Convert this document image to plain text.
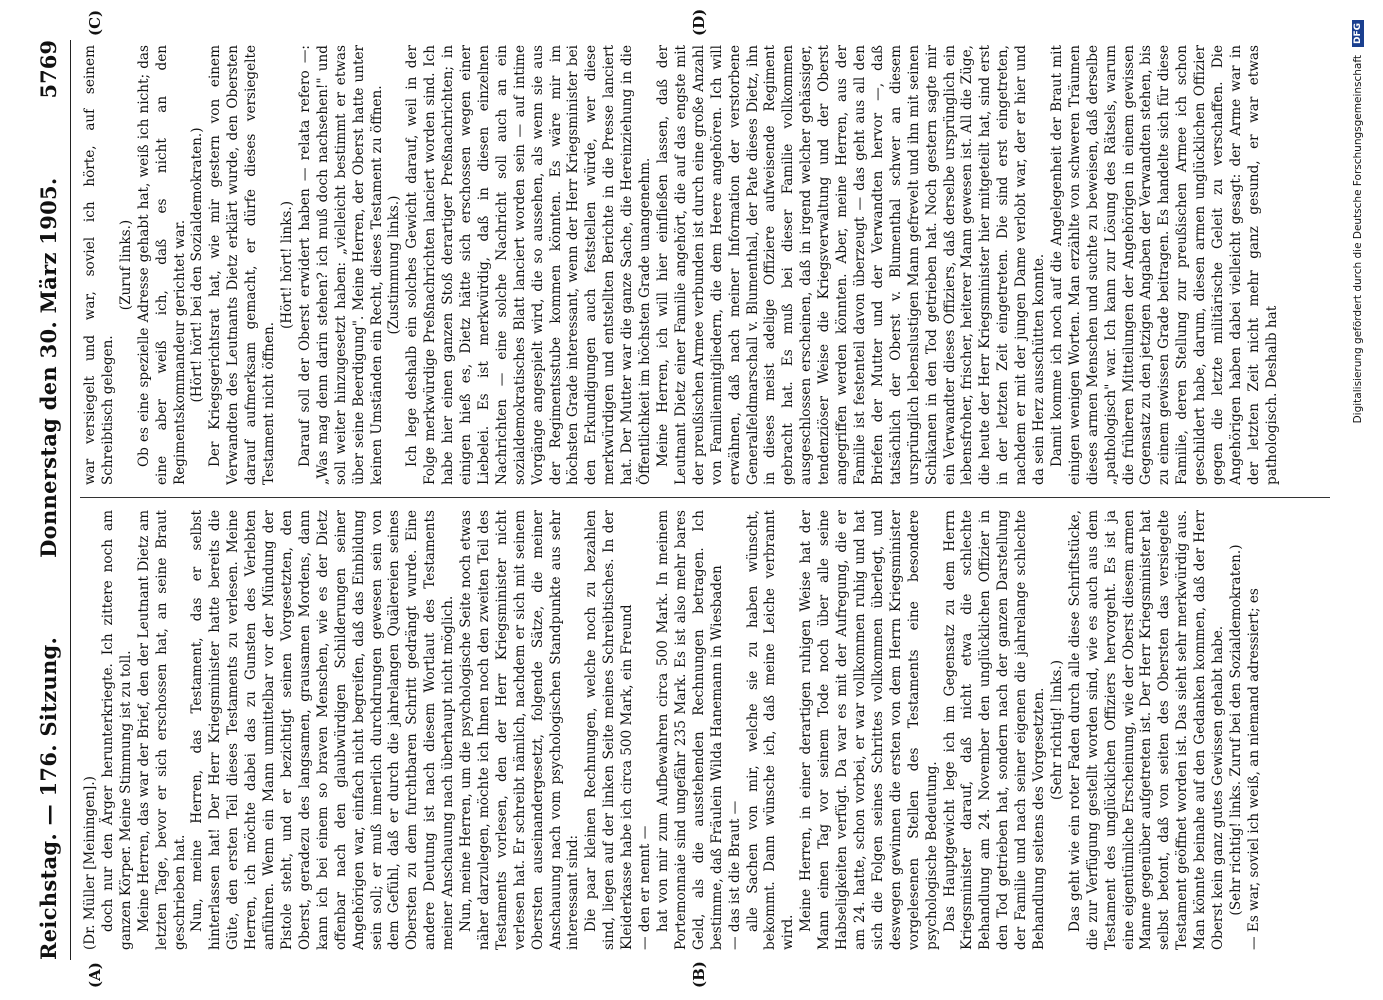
Reichstag. — 176. Sitzung.
Donnerstag den 30. März 1905.
5769
(A)	(B)
(C)	(D)

(Dr. Müller [Meiningen].) doch nur den Ärger herunterkriegte. Ich zittere noch am ganzen Körper. Meine Stimmung ist zu toll. Meine Herren, das war der Brief, den der Leutnant Dietz am letzten Tage, bevor er sich erschossen hat, an seine Braut geschrieben hat. Nun, meine Herren, das Testament, das er selbst hinterlassen hat! Der Herr Kriegsminister hatte bereits die Güte, den ersten Teil dieses Testaments zu verlesen. Meine Herren, ich möchte dabei das zu Gunsten des Verlebten anführen. Wenn ein Mann unmittelbar vor der Mündung der Pistole steht, und er bezichtigt seinen Vorgesetzten, den Oberst, geradezu des langsamen, grausamen Mordens, dann kann ich bei einem so braven Menschen, wie es der Dietz offenbar nach den glaubwürdigen Schilderungen seiner Angehörigen war, einfach nicht begreifen, daß das Einbildung sein soll; er muß innerlich durchdrungen gewesen sein von dem Gefühl, daß er durch die jahrelangen Quälereien seines Obersten zu dem furchtbaren Schritt gedrängt wurde. Eine andere Deutung ist nach diesem Wortlaut des Testaments meiner Anschauung nach überhaupt nicht möglich. Nun, meine Herren, um die psychologische Seite noch etwas näher darzulegen, möchte ich Ihnen noch den zweiten Teil des Testaments vorlesen, den der Herr Kriegsminister nicht verlesen hat. Er schreibt nämlich, nachdem er sich mit seinem Obersten auseinandergesetzt, folgende Sätze, die meiner Anschauung nach vom psychologischen Standpunkte aus sehr interessant sind: Die paar kleinen Rechnungen, welche noch zu bezahlen sind, liegen auf der linken Seite meines Schreibtisches. In der Kleiderkasse habe ich circa 500 Mark, ein Freund — den er nennt — hat von mir zum Aufbewahren circa 500 Mark. In meinem Portemonnaie sind ungefähr 235 Mark. Es ist also mehr bares Geld, als die ausstehenden Rechnungen betragen. Ich bestimme, daß Fräulein Wilda Hanemann in Wiesbaden — das ist die Braut — alle Sachen von mir, welche sie zu haben wünscht, bekommt. Dann wünsche ich, daß meine Leiche verbrannt wird.

Meine Herren, in einer derartigen ruhigen Weise hat der Mann einen Tag vor seinem Tode noch über alle seine Habseligkeiten verfügt. Da war es mit der Aufregung, die er am 24. hatte, schon vorbei, er war vollkommen ruhig und hat sich die Folgen seines Schrittes vollkommen überlegt, und deswegen gewinnen die ersten von dem Herrn Kriegsminister vorgelesenen Stellen des Testaments eine besondere psychologische Bedeutung. Das Hauptgewicht lege ich im Gegensatz zu dem Herrn Kriegsminister darauf, daß nicht etwa die schlechte Behandlung am 24. November den unglücklichen Offizier in den Tod getrieben hat, sondern nach der ganzen Darstellung der Familie und nach seiner eigenen die jahrelange schlechte Behandlung seitens des Vorgesetzten. (Sehr richtig! links.) Das geht wie ein roter Faden durch alle diese Schriftstücke, die zur Verfügung gestellt worden sind, wie es auch aus dem Testament des unglücklichen Offiziers hervorgeht. Es ist ja eine eigentümliche Erscheinung, wie der Oberst diesem armen Manne gegenüber aufgetreten ist. Der Herr Kriegsminister hat selbst betont, daß von seiten des Obersten das versiegelte Testament geöffnet worden ist. Das sieht sehr merkwürdig aus. Man könnte beinahe auf den Gedanken kommen, daß der Herr Oberst kein ganz gutes Gewissen gehabt habe. (Sehr richtig! links. Zuruf bei den Sozialdemokraten.) — Es war, soviel ich weiß, an niemand adressiert; es

war versiegelt und war, soviel ich hörte, auf seinem Schreibtisch gelegen.

(Zuruf links.) Ob es eine spezielle Adresse gehabt hat, weiß ich nicht; das eine aber weiß ich, daß es nicht an den Regimentskommandeur gerichtet war. (Hört! hört! bei den Sozialdemokraten.) Der Kriegsgerichtsrat hat, wie mir gestern von einem Verwandten des Leutnants Dietz erklärt wurde, den Obersten darauf aufmerksam gemacht, er dürfe dieses versiegelte Testament nicht öffnen.

(Hört! hört! links.) Darauf soll der Oberst erwidert haben — relata refero —: „Was mag denn darin stehen? ich muß doch nachsehen!" und soll weiter hinzugesetzt haben: „vielleicht bestimmt er etwas über seine Beerdigung". Meine Herren, der Oberst hatte unter keinen Umständen ein Recht, dieses Testament zu öffnen. (Zustimmung links.) Ich lege deshalb ein solches Gewicht darauf, weil in der Folge merkwürdige Preßnachrichten lanciert worden sind. Ich habe hier einen ganzen Stoß derartiger Preßnachrichten; in einigen hieß es, Dietz hätte sich erschossen wegen einer Liebelei. Es ist merkwürdig, daß in diesen einzelnen Nachrichten — eine solche Nachricht soll auch an ein sozialdemokratisches Blatt lanciert worden sein — auf intime Vorgänge angespielt wird, die so aussehen, als wenn sie aus der Regimentsstube kommen könnten. Es wäre mir im höchsten Grade interessant, wenn der Herr Kriegsminister bei den Erkundigungen auch feststellen würde, wer diese merkwürdigen und entstellten Berichte in die Presse lanciert hat. Der Mutter war die ganze Sache, die Hereinziehung in die Öffentlichkeit im höchsten Grade unangenehm. Meine Herren, ich will hier einfließen lassen, daß der Leutnant Dietz einer Familie angehört, die auf das engste mit der preußischen Armee verbunden ist durch eine große Anzahl von Familienmitgliedern, die dem Heere angehören. Ich will erwähnen, daß nach meiner Information der verstorbene Generalfeldmarschall v. Blumenthal, der Pate dieses Dietz, ihn in dieses meist adelige Offiziere aufweisende Regiment gebracht hat. Es muß bei dieser Familie vollkommen ausgeschlossen erscheinen, daß in irgend welcher gehässiger, tendenziöser Weise die Kriegsverwaltung und der Oberst angegriffen werden könnten. Aber, meine Herren, aus der Familie ist festenteil davon überzeugt — das geht aus all den Briefen der Mutter und der Verwandten hervor —, daß tatsächlich der Oberst v. Blumenthal schwer an diesem ursprünglich lebenslustigen Mann gefrevelt und ihn mit seinen Schikanen in den Tod getrieben hat. Noch gestern sagte mir ein Verwandter dieses Offiziers, daß derselbe ursprünglich ein lebensfroher, frischer, heiterer Mann gewesen ist. All die Züge, die heute der Herr Kriegsminister hier mitgeteilt hat, sind erst in der letzten Zeit eingetreten. Die sind erst eingetreten, nachdem er mit der jungen Dame verlobt war, der er hier und da sein Herz ausschütten konnte. Damit komme ich noch auf die Angelegenheit der Braut mit einigen wenigen Worten. Man erzählte von schweren Träumen dieses armen Menschen und suchte zu beweisen, daß derselbe „pathologisch" war. Ich kann zur Lösung des Rätsels, warum die früheren Mitteilungen der Angehörigen in einem gewissen Gegensatz zu den jetzigen Angaben der Verwandten stehen, bis zu einem gewissen Grade beitragen. Es handelte sich für diese Familie, deren Stellung zur preußischen Armee ich schon geschildert habe, darum, diesen armen unglücklichen Offizier gegen die letzte militärische Geleit zu verschaffen. Die Angehörigen haben dabei vielleicht gesagt: der Arme war in der letzten Zeit nicht mehr ganz gesund, er war etwas pathologisch. Deshalb hat	Digitalisierung gefördert durch die Deutsche Forschungsgemeinschaft
DFG
